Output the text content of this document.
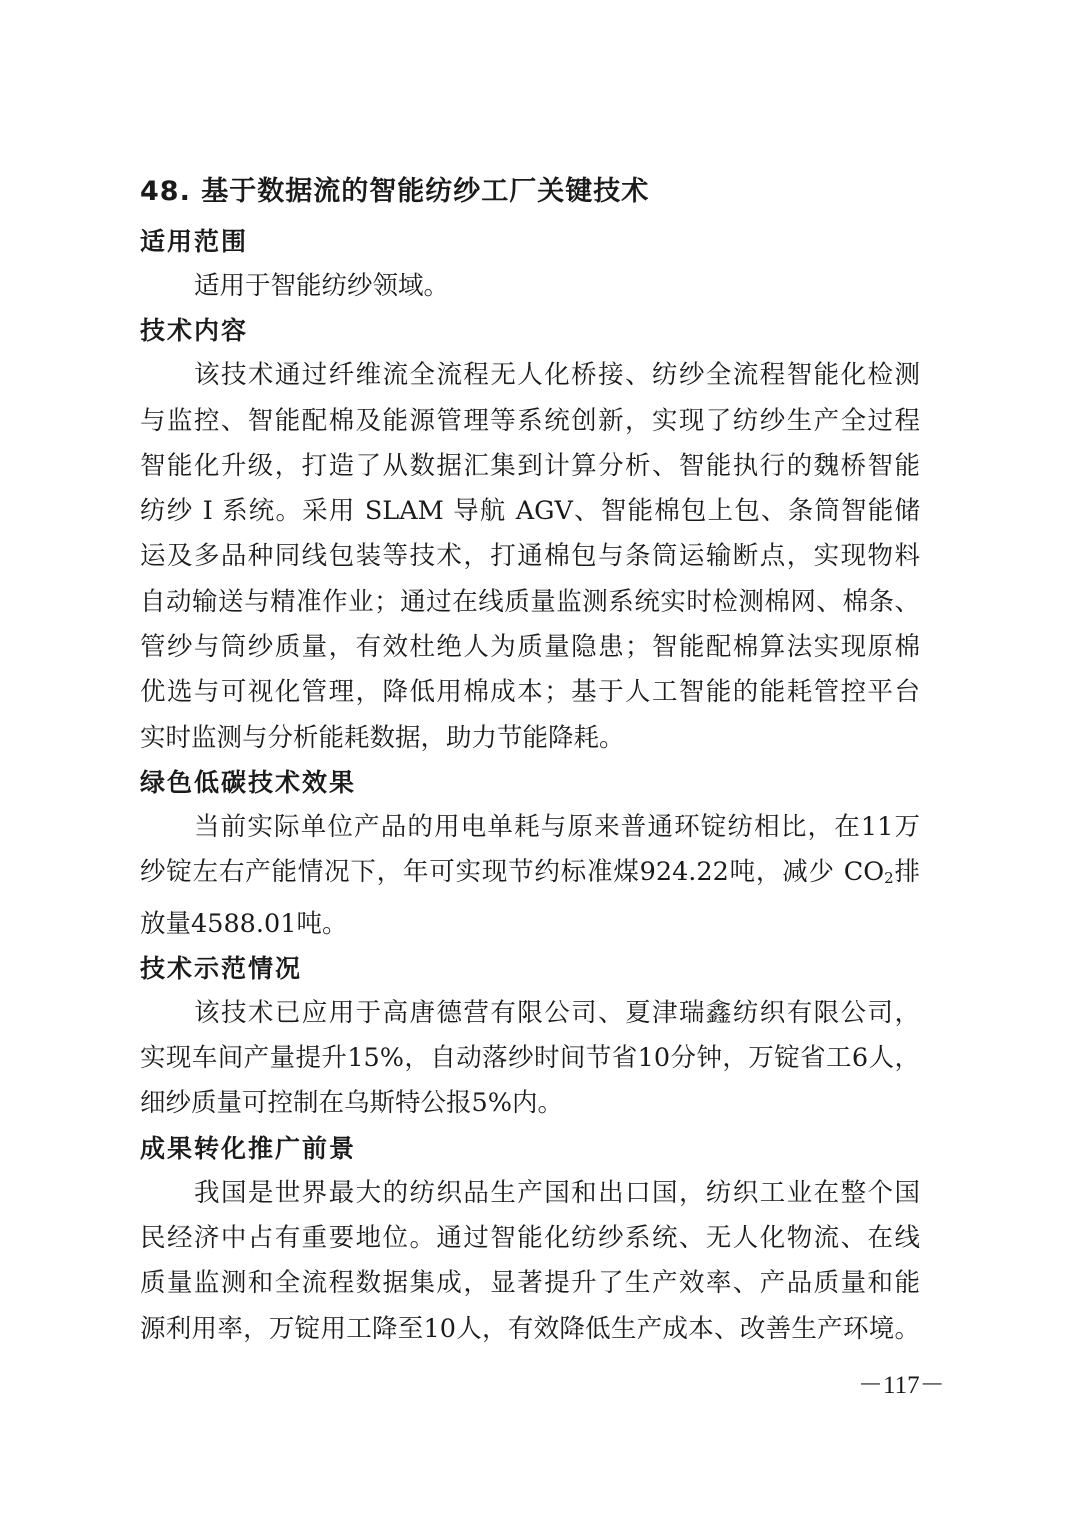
48. 基于数据流的智能纺纱工厂关键技术
适用范围

适用于智能纺纱领域。

技术内容

该技术通过纤维流全流程无人化桥接、纺纱全流程智能化检测
与监控、智能配棉及能源管理等系统创新，实现了纺纱生产全过程
智能化升级，打造了从数据汇集到计算分析、智能执行的魏桥智能
纺纱 I 系统。采用 SLAM 导航 AGV、智能棉包上包、条筒智能储
运及多品种同线包装等技术，打通棉包与条筒运输断点，实现物料
自动输送与精准作业；通过在线质量监测系统实时检测棉网、棉条、
管纱与筒纱质量，有效杜绝人为质量隐患；智能配棉算法实现原棉
优选与可视化管理，降低用棉成本；基于人工智能的能耗管控平台
实时监测与分析能耗数据，助力节能降耗。

绿色低碳技术效果

当前实际单位产品的用电单耗与原来普通环锭纺相比，在11万
纱锭左右产能情况下，年可实现节约标准煤924.22吨，减少 $CO_2$排
放量4588.01吨。

技术示范情况

该技术已应用于高唐德营有限公司、夏津瑞鑫纺织有限公司，
实现车间产量提升15%，自动落纱时间节省10分钟，万锭省工6人，
细纱质量可控制在乌斯特公报5%内。

成果转化推广前景

我国是世界最大的纺织品生产国和出口国，纺织工业在整个国
民经济中占有重要地位。通过智能化纺纱系统、无人化物流、在线
质量监测和全流程数据集成，显著提升了生产效率、产品质量和能
源利用率，万锭用工降至10人，有效降低生产成本、改善生产环境。

－117－
